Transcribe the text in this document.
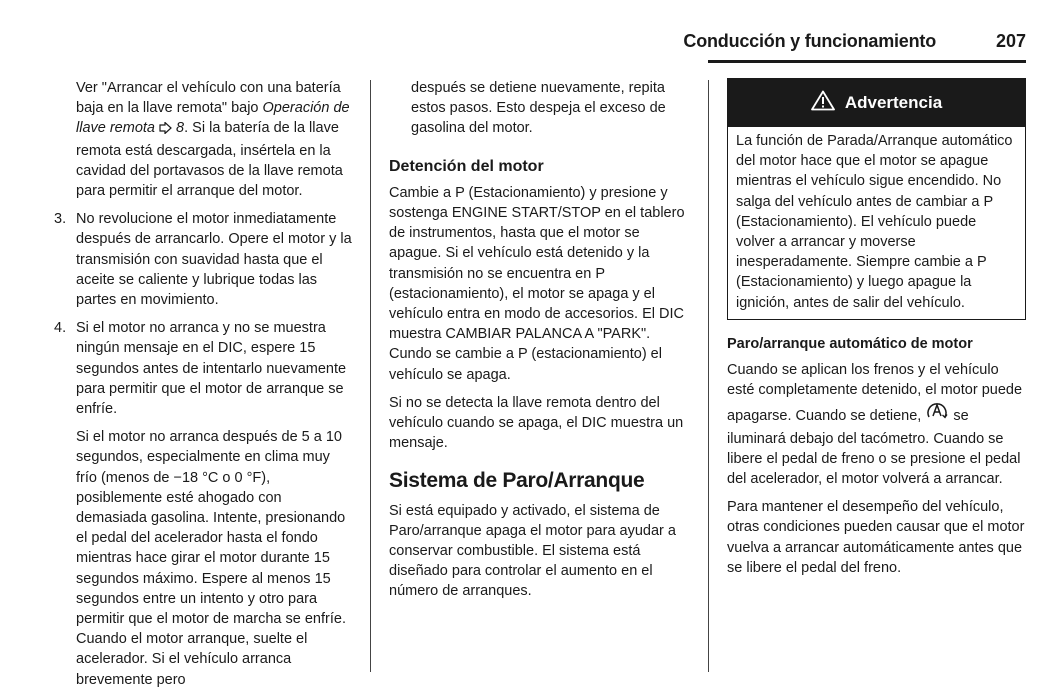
Conducción y funcionamiento	207

Ver "Arrancar el vehículo con una batería baja en la llave remota" bajo Operación de llave remota 8. Si la batería de la llave remota está descargada, insértela en la cavidad del portavasos de la llave remota para permitir el arranque del motor.

3. No revolucione el motor inmediatamente después de arrancarlo. Opere el motor y la transmisión con suavidad hasta que el aceite se caliente y lubrique todas las partes en movimiento.
4. Si el motor no arranca y no se muestra ningún mensaje en el DIC, espere 15 segundos antes de intentarlo nuevamente para permitir que el motor de arranque se enfríe.

Si el motor no arranca después de 5 a 10 segundos, especialmente en clima muy frío (menos de −18 °C o 0 °F), posiblemente esté ahogado con demasiada gasolina. Intente, presionando el pedal del acelerador hasta el fondo mientras hace girar el motor durante 15 segundos máximo. Espere al menos 15 segundos entre un intento y otro para permitir que el motor de marcha se enfríe. Cuando el motor arranque, suelte el acelerador. Si el vehículo arranca brevemente pero

después se detiene nuevamente, repita estos pasos. Esto despeja el exceso de gasolina del motor.

Detención del motor

Cambie a P (Estacionamiento) y presione y sostenga ENGINE START/STOP en el tablero de instrumentos, hasta que el motor se apague. Si el vehículo está detenido y la transmisión no se encuentra en P (estacionamiento), el motor se apaga y el vehículo entra en modo de accesorios. El DIC muestra CAMBIAR PALANCA A "PARK". Cundo se cambie a P (estacionamiento) el vehículo se apaga.

Si no se detecta la llave remota dentro del vehículo cuando se apaga, el DIC muestra un mensaje.

Sistema de Paro/Arranque

Si está equipado y activado, el sistema de Paro/arranque apaga el motor para ayudar a conservar combustible. El sistema está diseñado para controlar el aumento en el número de arranques.

Advertencia
La función de Parada/Arranque automático del motor hace que el motor se apague mientras el vehículo sigue encendido. No salga del vehículo antes de cambiar a P (Estacionamiento). El vehículo puede volver a arrancar y moverse inesperadamente. Siempre cambie a P (Estacionamiento) y luego apague la ignición, antes de salir del vehículo.
Paro/arranque automático de motor

Cuando se aplican los frenos y el vehículo esté completamente detenido, el motor puede apagarse. Cuando se detiene,  se iluminará debajo del tacómetro. Cuando se libere el pedal de freno o se presione el pedal del acelerador, el motor volverá a arrancar.

Para mantener el desempeño del vehículo, otras condiciones pueden causar que el motor vuelva a arrancar automáticamente antes que se libere el pedal del freno.
